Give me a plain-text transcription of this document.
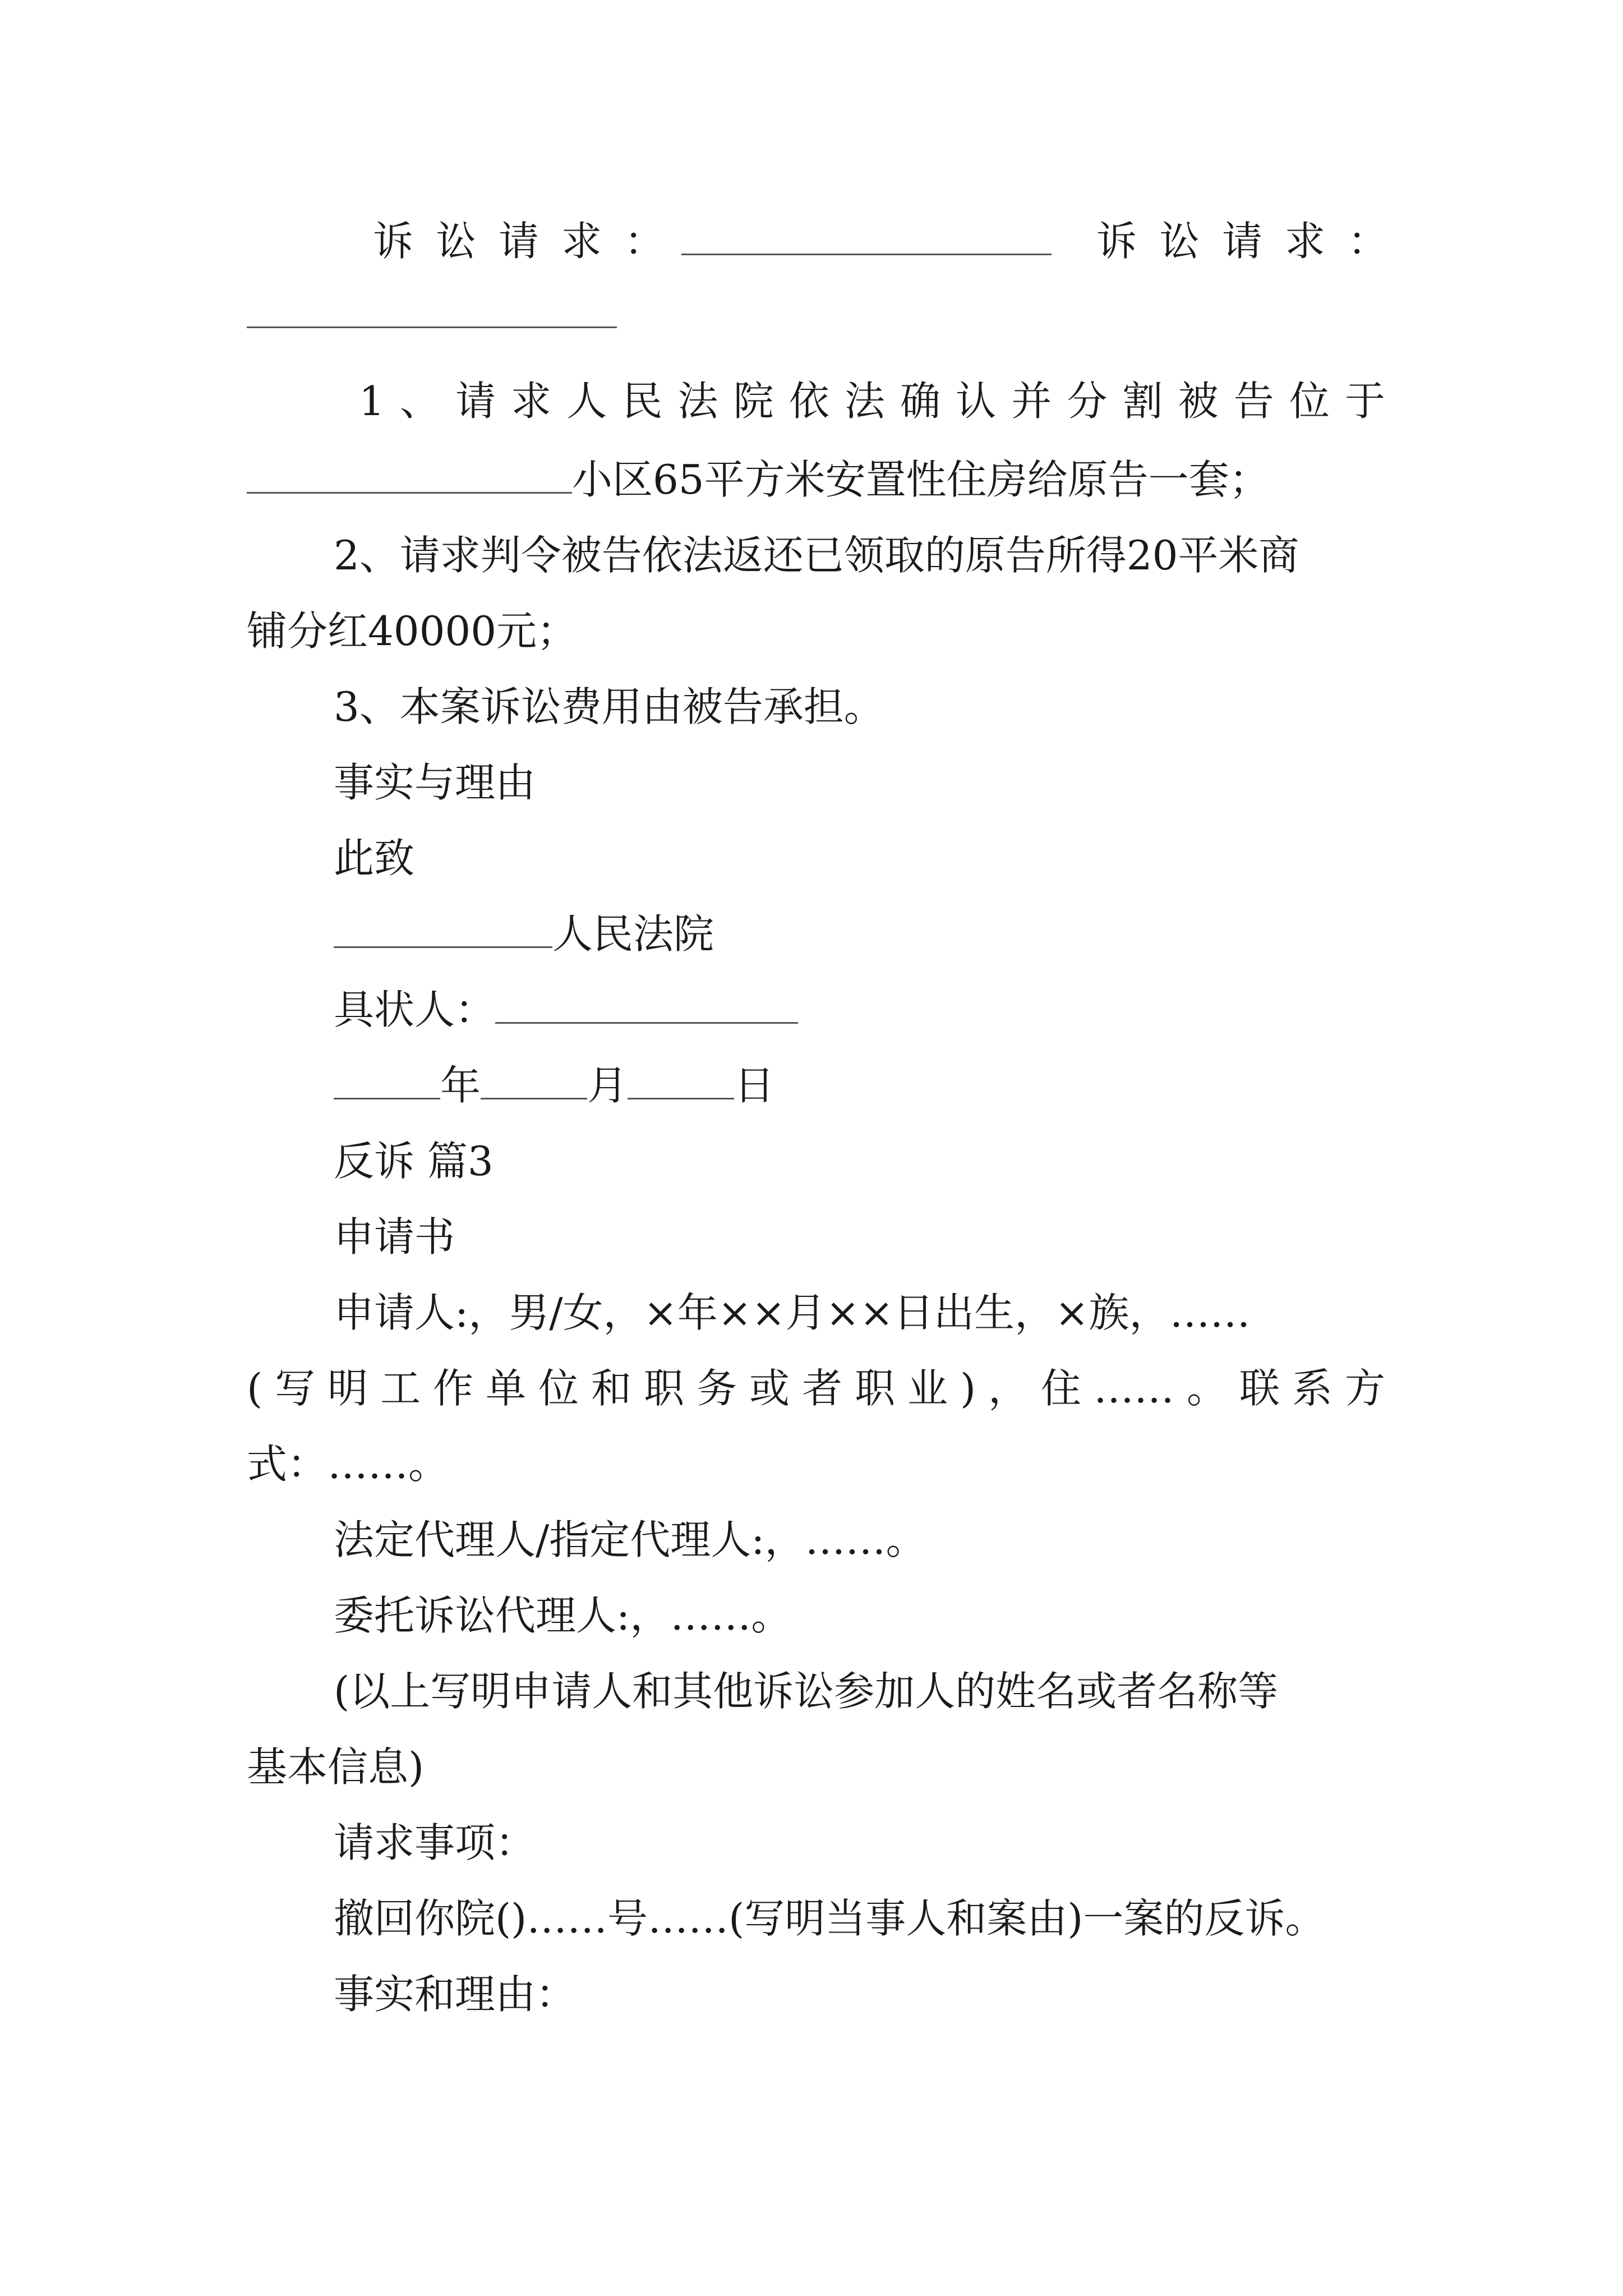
诉讼请求：	诉讼请求：
1、请求人民法院依法确认并分割被告位于
小区65平方米安置性住房给原告一套；
2、请求判令被告依法返还已领取的原告所得20平米商
铺分红40000元；
3、本案诉讼费用由被告承担。
事实与理由
此致
人民法院
具状人：
年	月	日
反诉 篇3
申请书
申请人:，男/女，×年××月××日出生，×族，……
(写明工作单位和职务或者职业)，住……。联系方
式：……。
法定代理人/指定代理人:，……。
委托诉讼代理人:，……。
(以上写明申请人和其他诉讼参加人的姓名或者名称等
基本信息)
请求事项：
撤回你院()……号……(写明当事人和案由)一案的反诉。
事实和理由：
